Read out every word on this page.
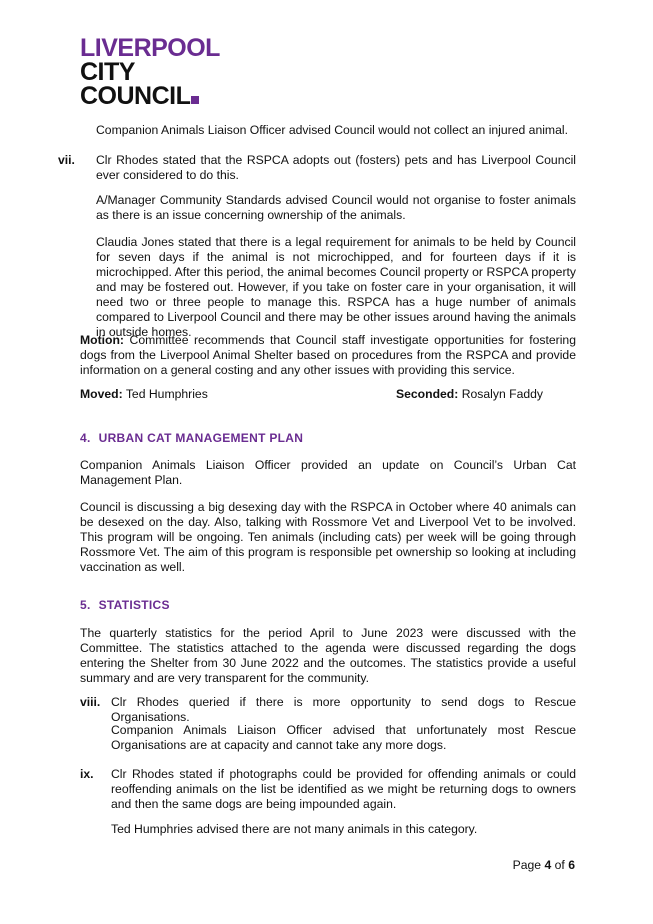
LIVERPOOL
CITY
COUNCIL

Companion Animals Liaison Officer advised Council would not collect an injured animal.

vii. Clr Rhodes stated that the RSPCA adopts out (fosters) pets and has Liverpool Council ever considered to do this.

A/Manager Community Standards advised Council would not organise to foster animals as there is an issue concerning ownership of the animals.

Claudia Jones stated that there is a legal requirement for animals to be held by Council for seven days if the animal is not microchipped, and for fourteen days if it is microchipped. After this period, the animal becomes Council property or RSPCA property and may be fostered out. However, if you take on foster care in your organisation, it will need two or three people to manage this. RSPCA has a huge number of animals compared to Liverpool Council and there may be other issues around having the animals in outside homes.

Motion: Committee recommends that Council staff investigate opportunities for fostering dogs from the Liverpool Animal Shelter based on procedures from the RSPCA and provide information on a general costing and any other issues with providing this service.

Moved: Ted Humphries	Seconded: Rosalyn Faddy

4. URBAN CAT MANAGEMENT PLAN

Companion Animals Liaison Officer provided an update on Council’s Urban Cat Management Plan.

Council is discussing a big desexing day with the RSPCA in October where 40 animals can be desexed on the day. Also, talking with Rossmore Vet and Liverpool Vet to be involved. This program will be ongoing. Ten animals (including cats) per week will be going through Rossmore Vet. The aim of this program is responsible pet ownership so looking at including vaccination as well.

5. STATISTICS

The quarterly statistics for the period April to June 2023 were discussed with the Committee. The statistics attached to the agenda were discussed regarding the dogs entering the Shelter from 30 June 2022 and the outcomes. The statistics provide a useful summary and are very transparent for the community.

viii. Clr Rhodes queried if there is more opportunity to send dogs to Rescue Organisations.

Companion Animals Liaison Officer advised that unfortunately most Rescue Organisations are at capacity and cannot take any more dogs.

ix. Clr Rhodes stated if photographs could be provided for offending animals or could reoffending animals on the list be identified as we might be returning dogs to owners and then the same dogs are being impounded again.

Ted Humphries advised there are not many animals in this category.

Page 4 of 6
